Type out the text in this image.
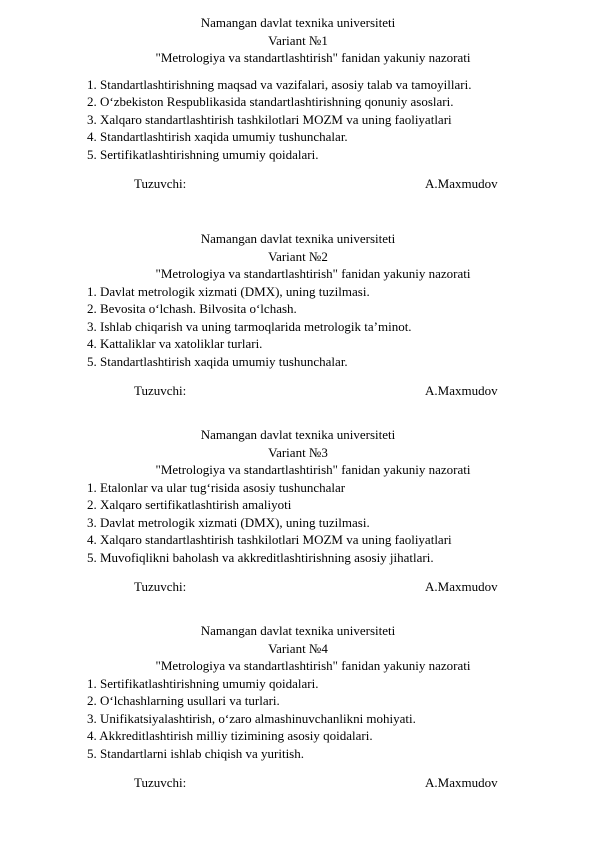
Namangan davlat texnika universiteti
Variant №1
"Metrologiya va standartlashtirish" fanidan yakuniy nazorati
1. Standartlashtirishning maqsad va vazifalari, asosiy talab va tamoyillari.
2. O‘zbekiston Respublikasida standartlashtirishning qonuniy asoslari.
3. Xalqaro standartlashtirish tashkilotlari MOZM va uning faoliyatlari
4. Standartlashtirish xaqida umumiy tushunchalar.
5. Sertifikatlashtirishning umumiy qoidalari.
Tuzuvchi:	A.Maxmudov
Namangan davlat texnika universiteti
Variant №2
"Metrologiya va standartlashtirish" fanidan yakuniy nazorati
1. Davlat metrologik xizmati (DMX), uning tuzilmasi.
2. Bevosita o‘lchash. Bilvosita o‘lchash.
3. Ishlab chiqarish va uning tarmoqlarida metrologik ta’minot.
4. Kattaliklar va xatoliklar turlari.
5. Standartlashtirish xaqida umumiy tushunchalar.
Tuzuvchi:	A.Maxmudov
Namangan davlat texnika universiteti
Variant №3
"Metrologiya va standartlashtirish" fanidan yakuniy nazorati
1. Etalonlar va ular tug‘risida asosiy tushunchalar
2. Xalqaro sertifikatlashtirish amaliyoti
3. Davlat metrologik xizmati (DMX), uning tuzilmasi.
4. Xalqaro standartlashtirish tashkilotlari MOZM va uning faoliyatlari
5. Muvofiqlikni baholash va akkreditlashtirishning asosiy jihatlari.
Tuzuvchi:	A.Maxmudov
Namangan davlat texnika universiteti
Variant №4
"Metrologiya va standartlashtirish" fanidan yakuniy nazorati
1. Sertifikatlashtirishning umumiy qoidalari.
2. O‘lchashlarning usullari va turlari.
3. Unifikatsiyalashtirish, o‘zaro almashinuvchanlikni mohiyati.
4. Akkreditlashtirish milliy tizimining asosiy qoidalari.
5. Standartlarni ishlab chiqish va yuritish.
Tuzuvchi:	A.Maxmudov
